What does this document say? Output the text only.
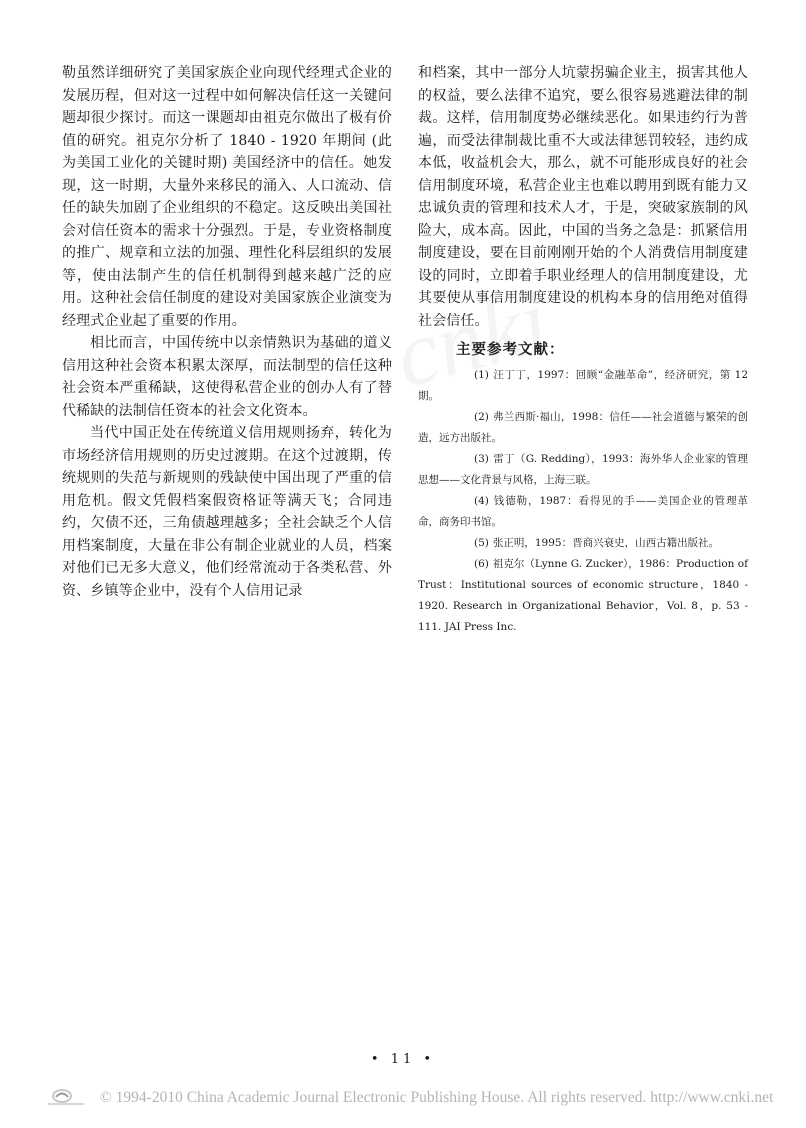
勒虽然详细研究了美国家族企业向现代经理式企业的发展历程，但对这一过程中如何解决信任这一关键问题却很少探讨。而这一课题却由祖克尔做出了极有价值的研究。祖克尔分析了 1840 - 1920 年期间 (此为美国工业化的关键时期) 美国经济中的信任。她发现，这一时期，大量外来移民的涌入、人口流动、信任的缺失加剧了企业组织的不稳定。这反映出美国社会对信任资本的需求十分强烈。于是，专业资格制度的推广、规章和立法的加强、理性化科层组织的发展等，使由法制产生的信任机制得到越来越广泛的应用。这种社会信任制度的建设对美国家族企业演变为经理式企业起了重要的作用。

相比而言，中国传统中以亲情熟识为基础的道义信用这种社会资本积累太深厚，而法制型的信任这种社会资本严重稀缺，这使得私营企业的创办人有了替代稀缺的法制信任资本的社会文化资本。

当代中国正处在传统道义信用规则扬弃，转化为市场经济信用规则的历史过渡期。在这个过渡期，传统规则的失范与新规则的残缺使中国出现了严重的信用危机。假文凭假档案假资格证等满天飞；合同违约，欠债不还，三角债越理越多；全社会缺乏个人信用档案制度，大量在非公有制企业就业的人员，档案对他们已无多大意义，他们经常流动于各类私营、外资、乡镇等企业中，没有个人信用记录

和档案，其中一部分人坑蒙拐骗企业主，损害其他人的权益，要么法律不追究，要么很容易逃避法律的制裁。这样，信用制度势必继续恶化。如果违约行为普遍，而受法律制裁比重不大或法律惩罚较轻，违约成本低，收益机会大，那么，就不可能形成良好的社会信用制度环境，私营企业主也难以聘用到既有能力又忠诚负责的管理和技术人才，于是，突破家族制的风险大，成本高。因此，中国的当务之急是：抓紧信用制度建设，要在目前刚刚开始的个人消费信用制度建设的同时，立即着手职业经理人的信用制度建设，尤其要使从事信用制度建设的机构本身的信用绝对值得社会信任。

主要参考文献：

(1) 汪丁丁，1997：回顾“金融革命”，经济研究，第 12 期。

(2) 弗兰西斯·福山，1998：信任——社会道德与繁荣的创造，远方出版社。

(3) 雷丁（G. Redding），1993：海外华人企业家的管理思想——文化背景与风格，上海三联。

(4) 钱德勒，1987：看得见的手——美国企业的管理革命，商务印书馆。

(5) 张正明，1995：晋商兴衰史，山西古籍出版社。

(6) 祖克尔（Lynne G. Zucker），1986：Production of Trust：Institutional sources of economic structure，1840 - 1920. Research in Organizational Behavior，Vol. 8，p. 53 - 111. JAI Press Inc.

• 11 •
© 1994-2010 China Academic Journal Electronic Publishing House. All rights reserved. http://www.cnki.net
